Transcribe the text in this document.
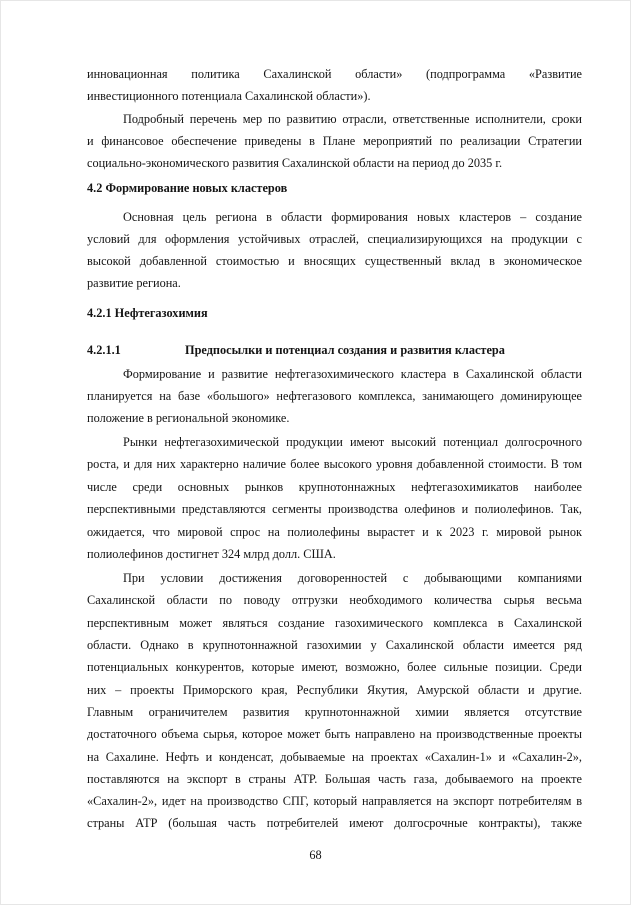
инновационная политика Сахалинской области» (подпрограмма «Развитие

инвестиционного потенциала Сахалинской области»).

Подробный перечень мер по развитию отрасли, ответственные исполнители, сроки

и финансовое обеспечение приведены в Плане мероприятий по реализации Стратегии

социально-экономического развития Сахалинской области на период до 2035 г.

4.2 Формирование новых кластеров

Основная цель региона в области формирования новых кластеров – создание

условий для оформления устойчивых отраслей, специализирующихся на продукции с

высокой добавленной стоимостью и вносящих существенный вклад в экономическое

развитие региона.

4.2.1 Нефтегазохимия

4.2.1.1	Предпосылки и потенциал создания и развития кластера

Формирование и развитие нефтегазохимического кластера в Сахалинской области

планируется на базе «большого» нефтегазового комплекса, занимающего доминирующее

положение в региональной экономике.

Рынки нефтегазохимической продукции имеют высокий потенциал долгосрочного

роста, и для них характерно наличие более высокого уровня добавленной стоимости. В том

числе среди основных рынков крупнотоннажных нефтегазохимикатов наиболее

перспективными представляются сегменты производства олефинов и полиолефинов. Так,

ожидается, что мировой спрос на полиолефины вырастет и к 2023 г. мировой рынок

полиолефинов достигнет 324 млрд долл. США.

При условии достижения договоренностей с добывающими компаниями

Сахалинской области по поводу отгрузки необходимого количества сырья весьма

перспективным может являться создание газохимического комплекса в Сахалинской

области. Однако в крупнотоннажной газохимии у Сахалинской области имеется ряд

потенциальных конкурентов, которые имеют, возможно, более сильные позиции. Среди

них – проекты Приморского края, Республики Якутия, Амурской области и другие.

Главным ограничителем развития крупнотоннажной химии является отсутствие

достаточного объема сырья, которое может быть направлено на производственные проекты

на Сахалине. Нефть и конденсат, добываемые на проектах «Сахалин-1» и «Сахалин-2»,

поставляются на экспорт в страны АТР. Большая часть газа, добываемого на проекте

«Сахалин-2», идет на производство СПГ, который направляется на экспорт потребителям в

страны АТР (большая часть потребителей имеют долгосрочные контракты), также

68
